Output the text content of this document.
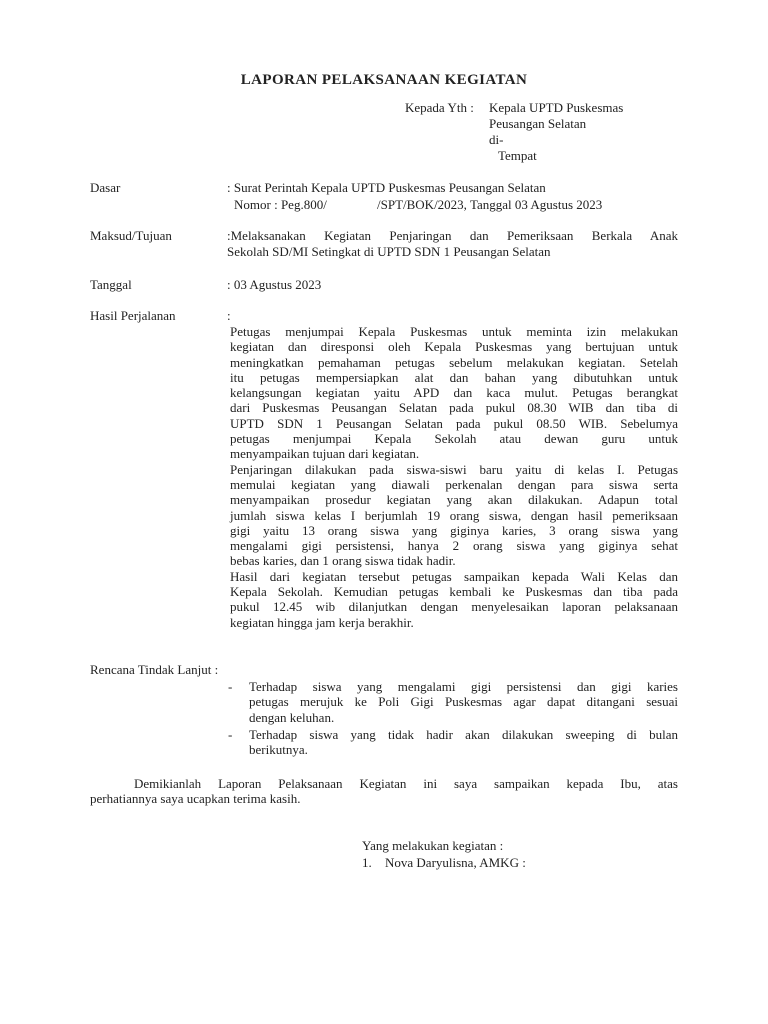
LAPORAN PELAKSANAAN KEGIATAN
Kepada Yth : Kepala UPTD Puskesmas
Peusangan Selatan
di-
Tempat
Dasar	: Surat Perintah Kepala UPTD Puskesmas Peusangan Selatan
Nomor : Peg.800/	/SPT/BOK/2023, Tanggal 03 Agustus 2023
Maksud/Tujuan	:Melaksanakan Kegiatan Penjaringan dan Pemeriksaan Berkala Anak
Sekolah SD/MI Setingkat di UPTD SDN 1 Peusangan Selatan
Tanggal	: 03 Agustus 2023
Hasil Perjalanan	:
Petugas menjumpai Kepala Puskesmas untuk meminta izin melakukan
kegiatan dan diresponsi oleh Kepala Puskesmas yang bertujuan untuk
meningkatkan pemahaman petugas sebelum melakukan kegiatan. Setelah
itu petugas mempersiapkan alat dan bahan yang dibutuhkan untuk
kelangsungan kegiatan yaitu APD dan kaca mulut. Petugas berangkat
dari Puskesmas Peusangan Selatan pada pukul 08.30 WIB dan tiba di
UPTD SDN 1 Peusangan Selatan pada pukul 08.50 WIB. Sebelumya
petugas menjumpai Kepala Sekolah atau dewan guru untuk
menyampaikan tujuan dari kegiatan.
Penjaringan dilakukan pada siswa-siswi baru yaitu di kelas I. Petugas
memulai kegiatan yang diawali perkenalan dengan para siswa serta
menyampaikan prosedur kegiatan yang akan dilakukan. Adapun total
jumlah siswa kelas I berjumlah 19 orang siswa, dengan hasil pemeriksaan
gigi yaitu 13 orang siswa yang giginya karies, 3 orang siswa yang
mengalami gigi persistensi, hanya 2 orang siswa yang giginya sehat
bebas karies, dan 1 orang siswa tidak hadir.
Hasil dari kegiatan tersebut petugas sampaikan kepada Wali Kelas dan
Kepala Sekolah. Kemudian petugas kembali ke Puskesmas dan tiba pada
pukul 12.45 wib dilanjutkan dengan menyelesaikan laporan pelaksanaan
kegiatan hingga jam kerja berakhir.
Rencana Tindak Lanjut :
- Terhadap siswa yang mengalami gigi persistensi dan gigi karies
petugas merujuk ke Poli Gigi Puskesmas agar dapat ditangani sesuai
dengan keluhan.
- Terhadap siswa yang tidak hadir akan dilakukan sweeping di bulan
berikutnya.
Demikianlah Laporan Pelaksanaan Kegiatan ini saya sampaikan kepada Ibu, atas
perhatiannya saya ucapkan terima kasih.
Yang melakukan kegiatan :
1. Nova Daryulisna, AMKG :
